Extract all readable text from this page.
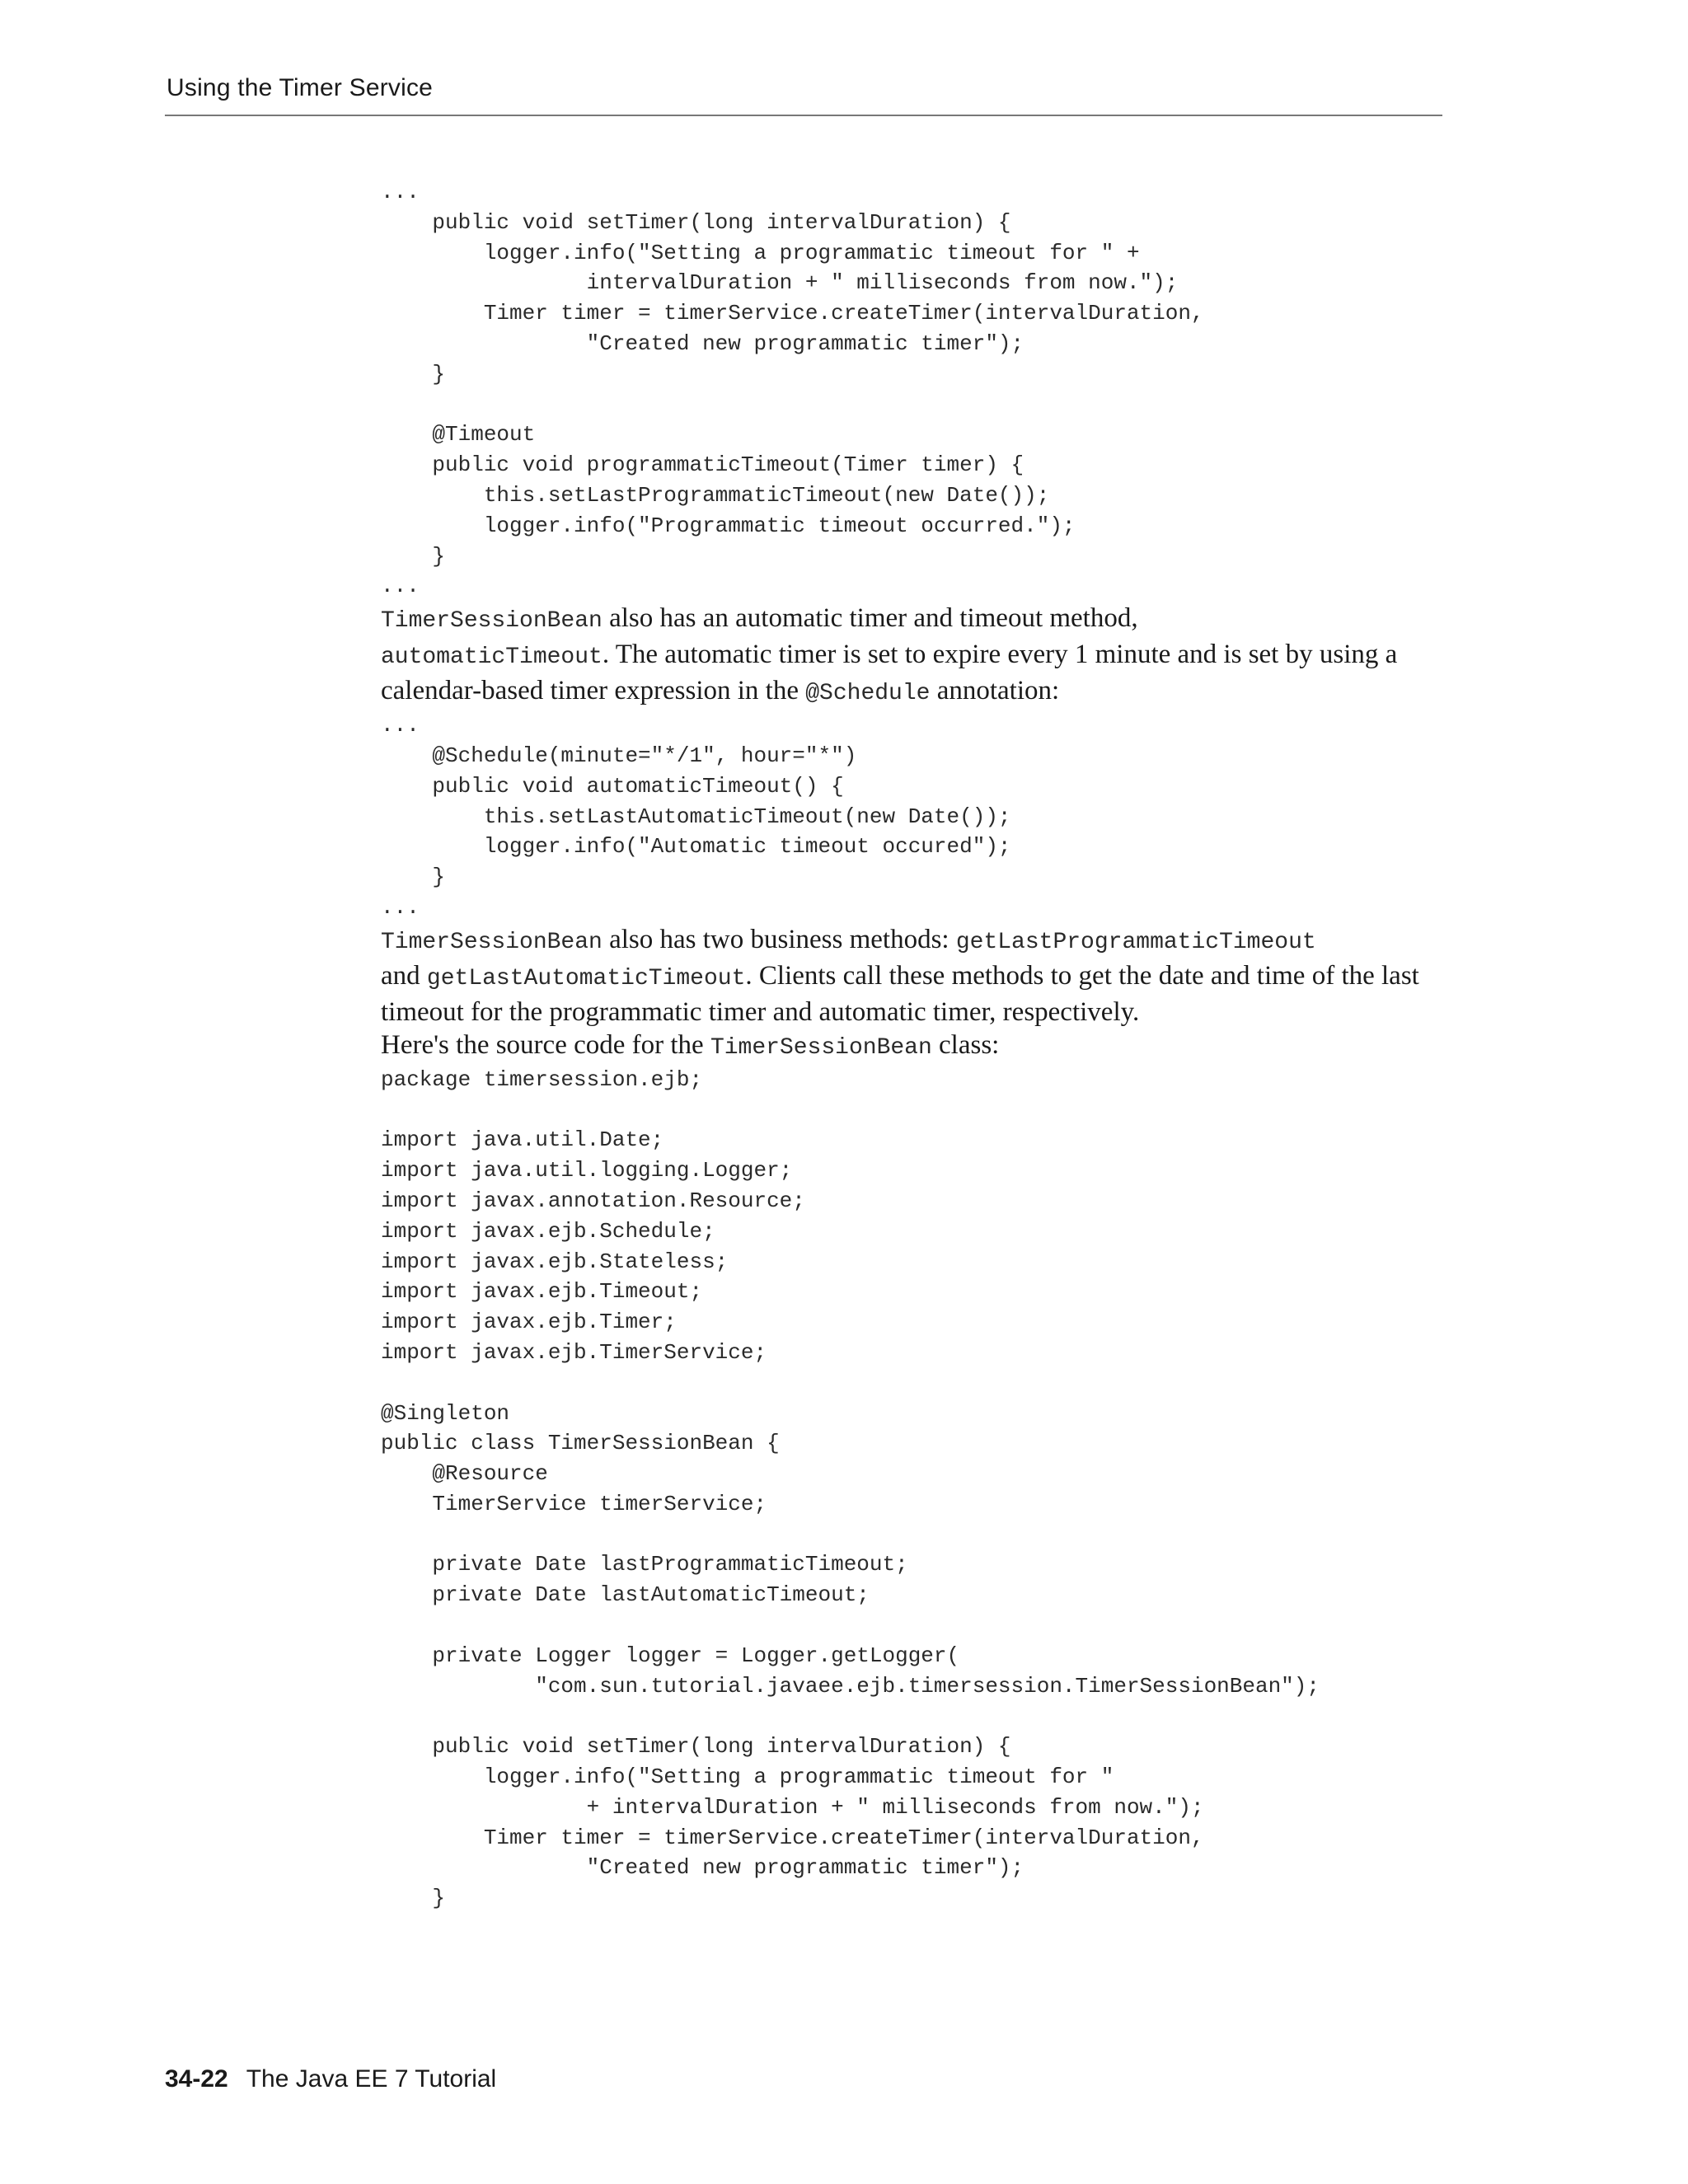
Using the Timer Service
...
public void setTimer(long intervalDuration) {
logger.info("Setting a programmatic timeout for " +
intervalDuration + " milliseconds from now.");
Timer timer = timerService.createTimer(intervalDuration,
"Created new programmatic timer");
}

@Timeout
public void programmaticTimeout(Timer timer) {
this.setLastProgrammaticTimeout(new Date());
logger.info("Programmatic timeout occurred.");
}
...

TimerSessionBean also has an automatic timer and timeout method,
automaticTimeout. The automatic timer is set to expire every 1 minute and is set by using a calendar-based timer expression in the @Schedule annotation:

...
@Schedule(minute="*/1", hour="*")
public void automaticTimeout() {
this.setLastAutomaticTimeout(new Date());
logger.info("Automatic timeout occured");
}
...

TimerSessionBean also has two business methods: getLastProgrammaticTimeout
and getLastAutomaticTimeout. Clients call these methods to get the date and time of the last timeout for the programmatic timer and automatic timer, respectively.

Here's the source code for the TimerSessionBean class:

package timersession.ejb;

import java.util.Date;
import java.util.logging.Logger;
import javax.annotation.Resource;
import javax.ejb.Schedule;
import javax.ejb.Stateless;
import javax.ejb.Timeout;
import javax.ejb.Timer;
import javax.ejb.TimerService;

@Singleton
public class TimerSessionBean {
@Resource
TimerService timerService;

private Date lastProgrammaticTimeout;
private Date lastAutomaticTimeout;

private Logger logger = Logger.getLogger(
"com.sun.tutorial.javaee.ejb.timersession.TimerSessionBean");

public void setTimer(long intervalDuration) {
logger.info("Setting a programmatic timeout for "
+ intervalDuration + " milliseconds from now.");
Timer timer = timerService.createTimer(intervalDuration,
"Created new programmatic timer");
}
34-22 The Java EE 7 Tutorial
